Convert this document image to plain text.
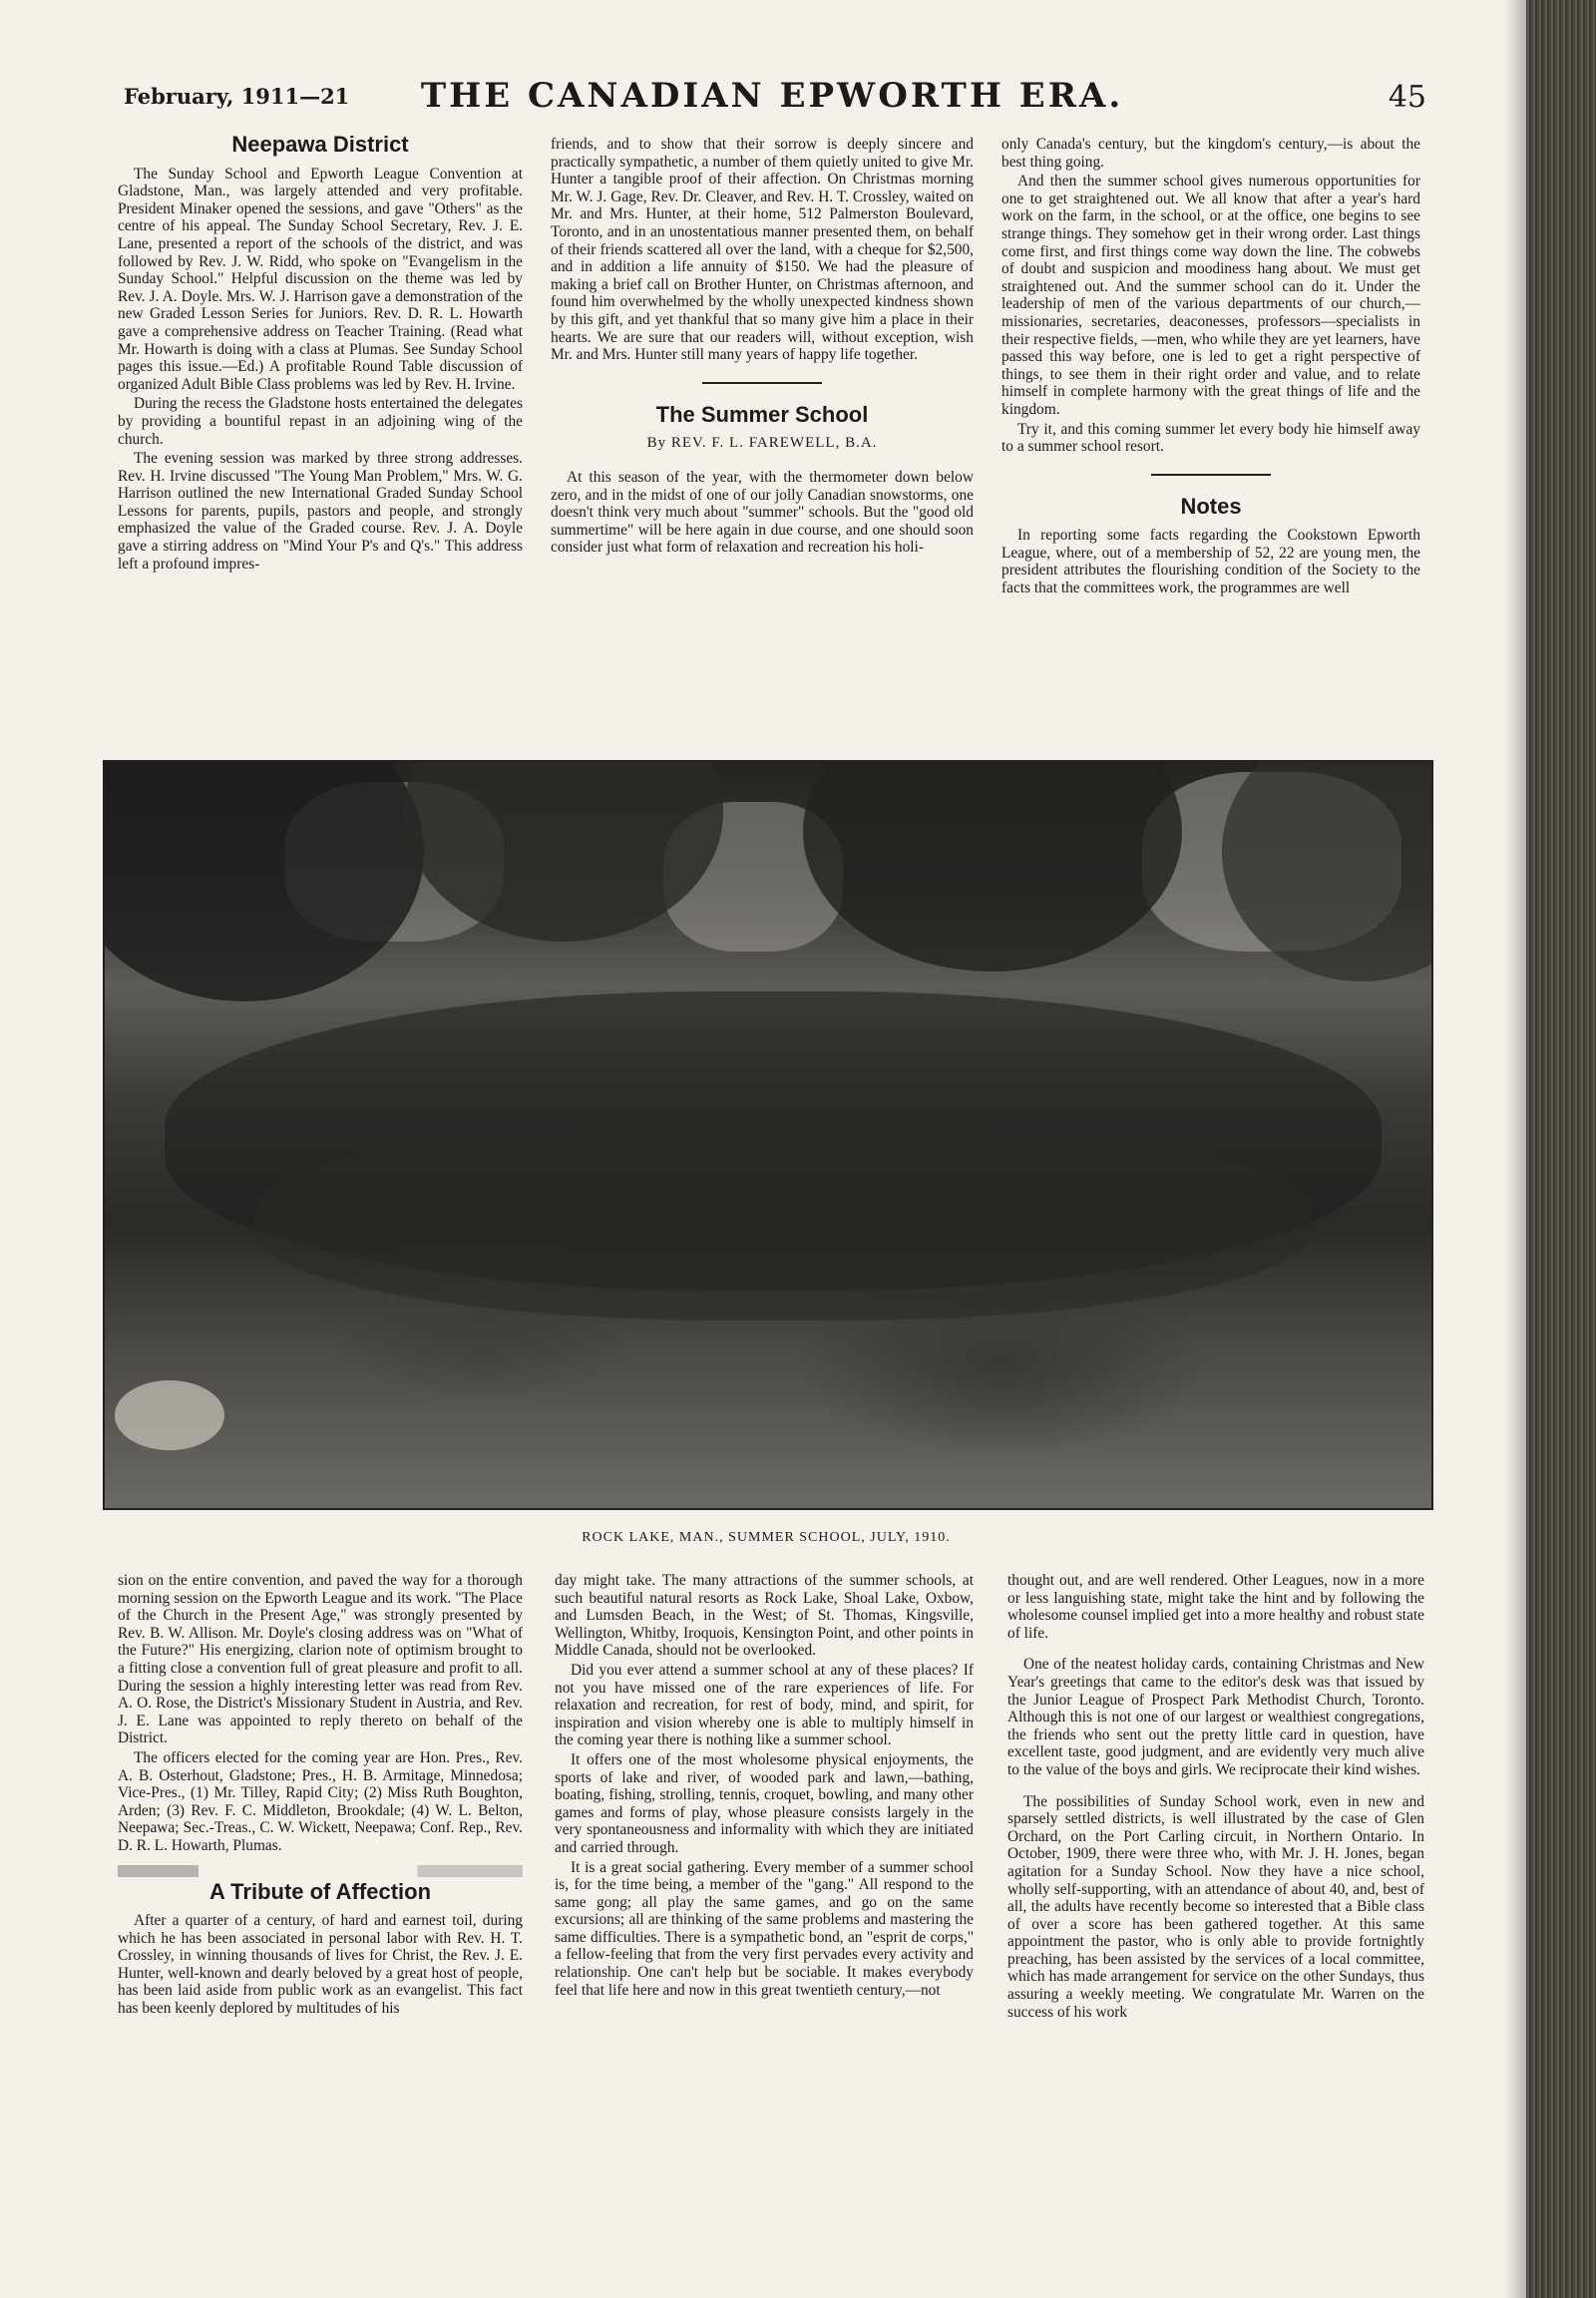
February, 1911—21	THE CANADIAN EPWORTH ERA.	45
Neepawa District

The Sunday School and Epworth League Convention at Gladstone, Man., was largely attended and very profitable. President Minaker opened the sessions, and gave "Others" as the centre of his appeal. The Sunday School Secretary, Rev. J. E. Lane, presented a report of the schools of the district, and was followed by Rev. J. W. Ridd, who spoke on "Evangelism in the Sunday School." Helpful discussion on the theme was led by Rev. J. A. Doyle. Mrs. W. J. Harrison gave a demonstration of the new Graded Lesson Series for Juniors. Rev. D. R. L. Howarth gave a comprehensive address on Teacher Training. (Read what Mr. Howarth is doing with a class at Plumas. See Sunday School pages this issue.—Ed.) A profitable Round Table discussion of organized Adult Bible Class problems was led by Rev. H. Irvine.

During the recess the Gladstone hosts entertained the delegates by providing a bountiful repast in an adjoining wing of the church.

The evening session was marked by three strong addresses. Rev. H. Irvine discussed "The Young Man Problem," Mrs. W. G. Harrison outlined the new International Graded Sunday School Lessons for parents, pupils, pastors and people, and strongly emphasized the value of the Graded course. Rev. J. A. Doyle gave a stirring address on "Mind Your P's and Q's." This address left a profound impres-

friends, and to show that their sorrow is deeply sincere and practically sympathetic, a number of them quietly united to give Mr. Hunter a tangible proof of their affection. On Christmas morning Mr. W. J. Gage, Rev. Dr. Cleaver, and Rev. H. T. Crossley, waited on Mr. and Mrs. Hunter, at their home, 512 Palmerston Boulevard, Toronto, and in an unostentatious manner presented them, on behalf of their friends scattered all over the land, with a cheque for $2,500, and in addition a life annuity of $150. We had the pleasure of making a brief call on Brother Hunter, on Christmas afternoon, and found him overwhelmed by the wholly unexpected kindness shown by this gift, and yet thankful that so many give him a place in their hearts. We are sure that our readers will, without exception, wish Mr. and Mrs. Hunter still many years of happy life together.

The Summer School
By REV. F. L. FAREWELL, B.A.

At this season of the year, with the thermometer down below zero, and in the midst of one of our jolly Canadian snowstorms, one doesn't think very much about "summer" schools. But the "good old summertime" will be here again in due course, and one should soon consider just what form of relaxation and recreation his holi-

only Canada's century, but the kingdom's century,—is about the best thing going.

And then the summer school gives numerous opportunities for one to get straightened out. We all know that after a year's hard work on the farm, in the school, or at the office, one begins to see strange things. They somehow get in their wrong order. Last things come first, and first things come way down the line. The cobwebs of doubt and suspicion and moodiness hang about. We must get straightened out. And the summer school can do it. Under the leadership of men of the various departments of our church,—missionaries, secretaries, deaconesses, professors—specialists in their respective fields, —men, who while they are yet learners, have passed this way before, one is led to get a right perspective of things, to see them in their right order and value, and to relate himself in complete harmony with the great things of life and the kingdom.

Try it, and this coming summer let every body hie himself away to a summer school resort.

Notes

In reporting some facts regarding the Cookstown Epworth League, where, out of a membership of 52, 22 are young men, the president attributes the flourishing condition of the Society to the facts that the committees work, the programmes are well

ROCK LAKE, MAN., SUMMER SCHOOL, JULY, 1910.

sion on the entire convention, and paved the way for a thorough morning session on the Epworth League and its work. "The Place of the Church in the Present Age," was strongly presented by Rev. B. W. Allison. Mr. Doyle's closing address was on "What of the Future?" His energizing, clarion note of optimism brought to a fitting close a convention full of great pleasure and profit to all. During the session a highly interesting letter was read from Rev. A. O. Rose, the District's Missionary Student in Austria, and Rev. J. E. Lane was appointed to reply thereto on behalf of the District.

The officers elected for the coming year are Hon. Pres., Rev. A. B. Osterhout, Gladstone; Pres., H. B. Armitage, Minnedosa; Vice-Pres., (1) Mr. Tilley, Rapid City; (2) Miss Ruth Boughton, Arden; (3) Rev. F. C. Middleton, Brookdale; (4) W. L. Belton, Neepawa; Sec.-Treas., C. W. Wickett, Neepawa; Conf. Rep., Rev. D. R. L. Howarth, Plumas.

A Tribute of Affection

After a quarter of a century, of hard and earnest toil, during which he has been associated in personal labor with Rev. H. T. Crossley, in winning thousands of lives for Christ, the Rev. J. E. Hunter, well-known and dearly beloved by a great host of people, has been laid aside from public work as an evangelist. This fact has been keenly deplored by multitudes of his

day might take. The many attractions of the summer schools, at such beautiful natural resorts as Rock Lake, Shoal Lake, Oxbow, and Lumsden Beach, in the West; of St. Thomas, Kingsville, Wellington, Whitby, Iroquois, Kensington Point, and other points in Middle Canada, should not be overlooked.

Did you ever attend a summer school at any of these places? If not you have missed one of the rare experiences of life. For relaxation and recreation, for rest of body, mind, and spirit, for inspiration and vision whereby one is able to multiply himself in the coming year there is nothing like a summer school.

It offers one of the most wholesome physical enjoyments, the sports of lake and river, of wooded park and lawn,—bathing, boating, fishing, strolling, tennis, croquet, bowling, and many other games and forms of play, whose pleasure consists largely in the very spontaneousness and informality with which they are initiated and carried through.

It is a great social gathering. Every member of a summer school is, for the time being, a member of the "gang." All respond to the same gong; all play the same games, and go on the same excursions; all are thinking of the same problems and mastering the same difficulties. There is a sympathetic bond, an "esprit de corps," a fellow-feeling that from the very first pervades every activity and relationship. One can't help but be sociable. It makes everybody feel that life here and now in this great twentieth century,—not

thought out, and are well rendered. Other Leagues, now in a more or less languishing state, might take the hint and by following the wholesome counsel implied get into a more healthy and robust state of life.

One of the neatest holiday cards, containing Christmas and New Year's greetings that came to the editor's desk was that issued by the Junior League of Prospect Park Methodist Church, Toronto. Although this is not one of our largest or wealthiest congregations, the friends who sent out the pretty little card in question, have excellent taste, good judgment, and are evidently very much alive to the value of the boys and girls. We reciprocate their kind wishes.

The possibilities of Sunday School work, even in new and sparsely settled districts, is well illustrated by the case of Glen Orchard, on the Port Carling circuit, in Northern Ontario. In October, 1909, there were three who, with Mr. J. H. Jones, began agitation for a Sunday School. Now they have a nice school, wholly self-supporting, with an attendance of about 40, and, best of all, the adults have recently become so interested that a Bible class of over a score has been gathered together. At this same appointment the pastor, who is only able to provide fortnightly preaching, has been assisted by the services of a local committee, which has made arrangement for service on the other Sundays, thus assuring a weekly meeting. We congratulate Mr. Warren on the success of his work
